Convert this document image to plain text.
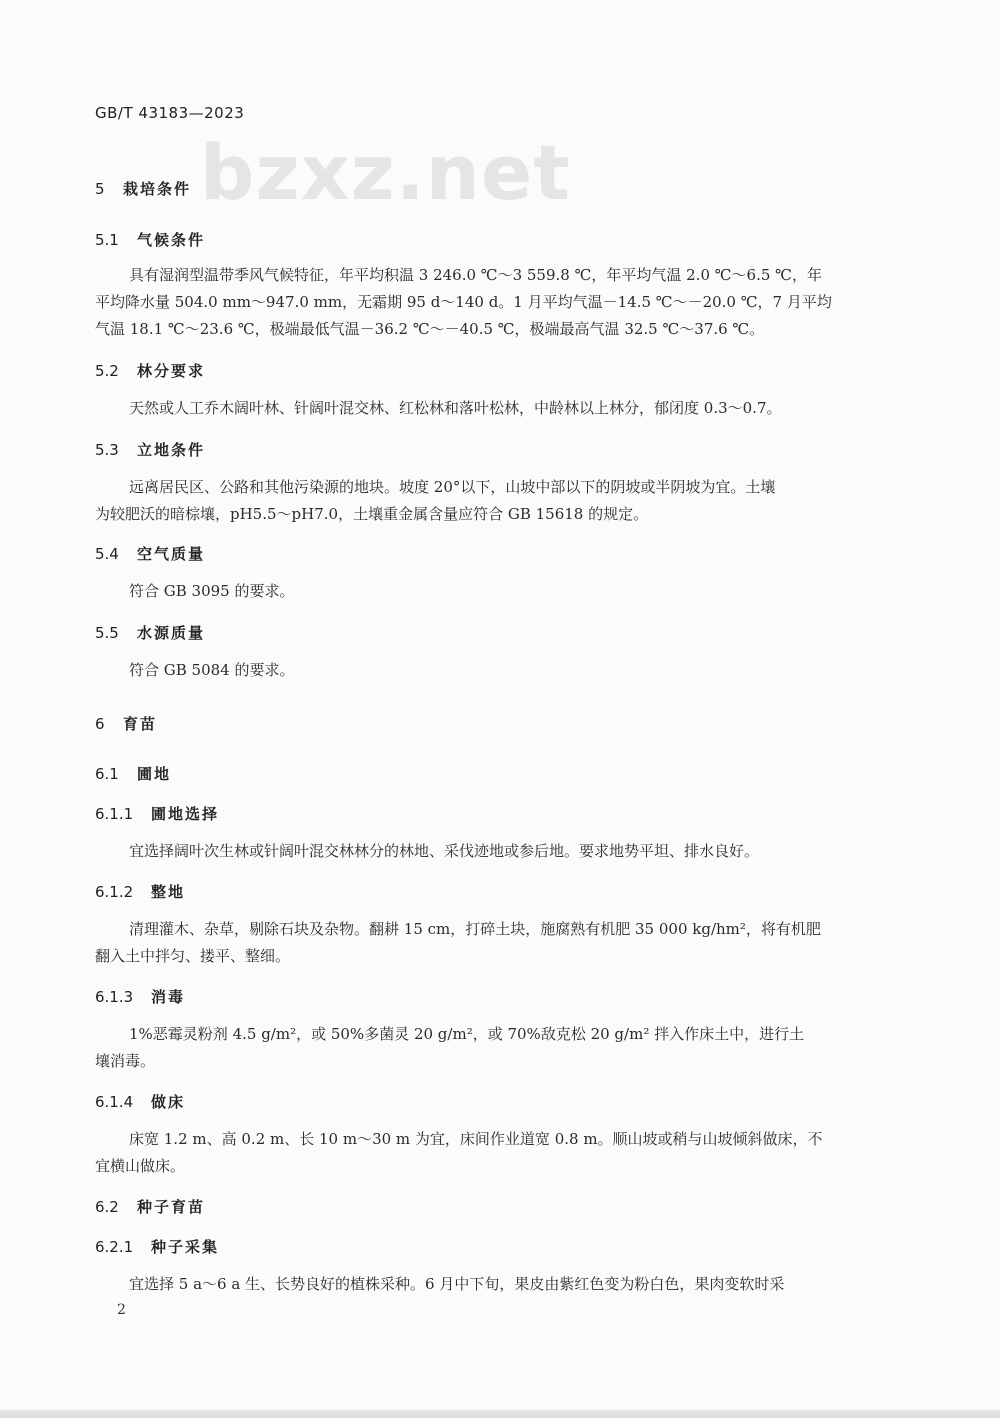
GB/T 43183—2023
bzxz.net
5 栽培条件
5.1 气候条件
具有湿润型温带季风气候特征，年平均积温 3 246.0 ℃～3 559.8 ℃，年平均气温 2.0 ℃～6.5 ℃，年
平均降水量 504.0 mm～947.0 mm，无霜期 95 d～140 d。1 月平均气温－14.5 ℃～－20.0 ℃，7 月平均
气温 18.1 ℃～23.6 ℃，极端最低气温－36.2 ℃～－40.5 ℃，极端最高气温 32.5 ℃～37.6 ℃。
5.2 林分要求
天然或人工乔木阔叶林、针阔叶混交林、红松林和落叶松林，中龄林以上林分，郁闭度 0.3～0.7。
5.3 立地条件
远离居民区、公路和其他污染源的地块。坡度 20°以下，山坡中部以下的阴坡或半阴坡为宜。土壤
为较肥沃的暗棕壤，pH5.5～pH7.0，土壤重金属含量应符合 GB 15618 的规定。
5.4 空气质量
符合 GB 3095 的要求。
5.5 水源质量
符合 GB 5084 的要求。
6 育苗
6.1 圃地
6.1.1 圃地选择
宜选择阔叶次生林或针阔叶混交林林分的林地、采伐迹地或参后地。要求地势平坦、排水良好。
6.1.2 整地
清理灌木、杂草，剔除石块及杂物。翻耕 15 cm，打碎土块，施腐熟有机肥 35 000 kg/hm²，将有机肥
翻入土中拌匀、搂平、整细。
6.1.3 消毒
1%恶霉灵粉剂 4.5 g/m²，或 50%多菌灵 20 g/m²，或 70%敌克松 20 g/m² 拌入作床土中，进行土
壤消毒。
6.1.4 做床
床宽 1.2 m、高 0.2 m、长 10 m～30 m 为宜，床间作业道宽 0.8 m。顺山坡或稍与山坡倾斜做床，不
宜横山做床。
6.2 种子育苗
6.2.1 种子采集
宜选择 5 a～6 a 生、长势良好的植株采种。6 月中下旬，果皮由紫红色变为粉白色，果肉变软时采
2
